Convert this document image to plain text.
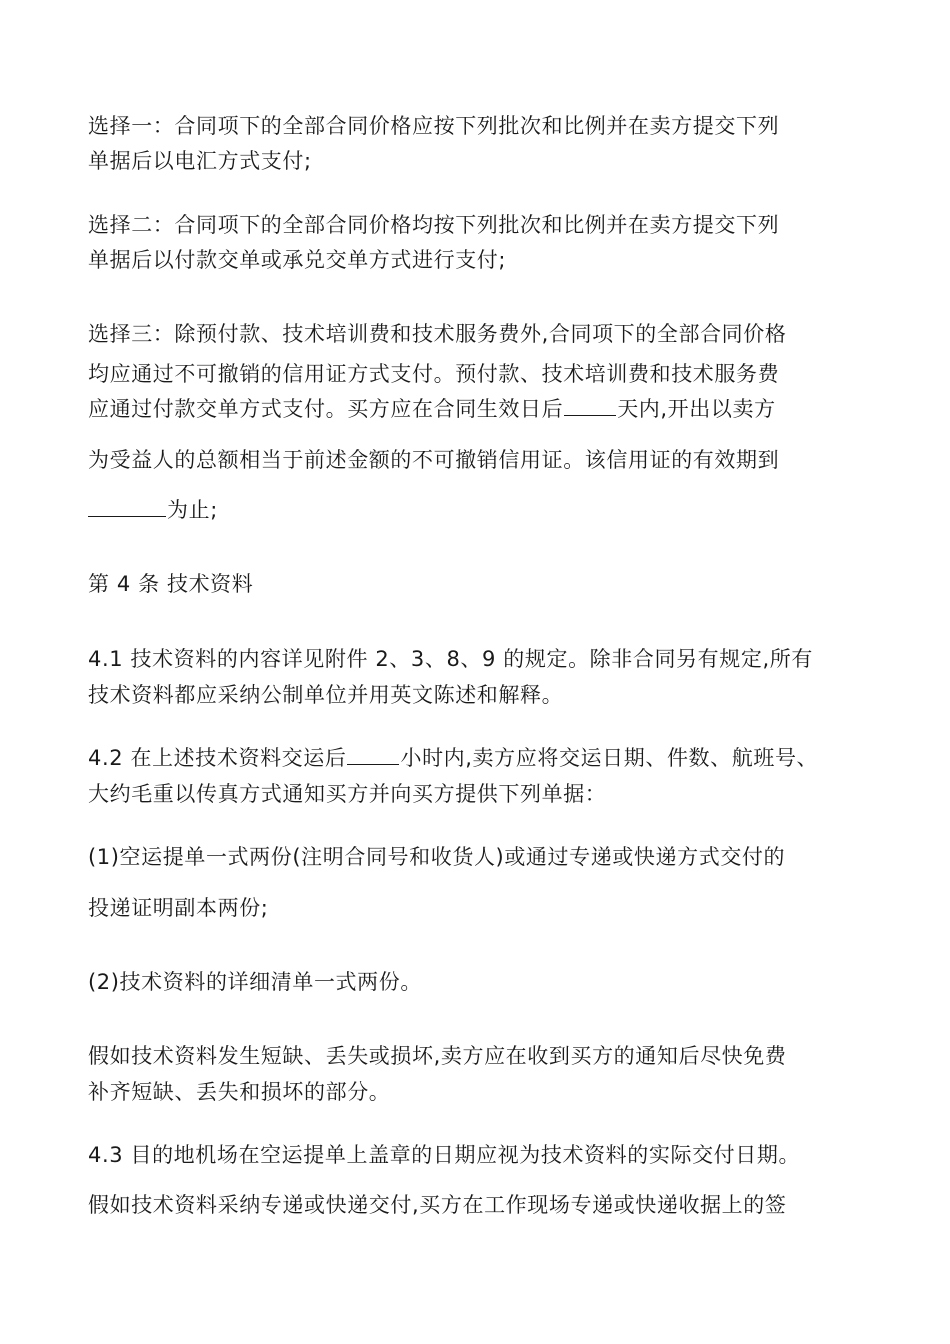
选择一：合同项下的全部合同价格应按下列批次和比例并在卖方提交下列
单据后以电汇方式支付;
选择二：合同项下的全部合同价格均按下列批次和比例并在卖方提交下列
单据后以付款交单或承兑交单方式进行支付;
选择三：除预付款、技术培训费和技术服务费外,合同项下的全部合同价格
均应通过不可撤销的信用证方式支付。预付款、技术培训费和技术服务费
应通过付款交单方式支付。买方应在合同生效日后	天内,开出以卖方
为受益人的总额相当于前述金额的不可撤销信用证。该信用证的有效期到
为止;
第 4 条 技术资料
4.1 技术资料的内容详见附件 2、3、8、9 的规定。除非合同另有规定,所有
技术资料都应采纳公制单位并用英文陈述和解释。
4.2 在上述技术资料交运后	小时内,卖方应将交运日期、件数、航班号、
大约毛重以传真方式通知买方并向买方提供下列单据：
(1)空运提单一式两份(注明合同号和收货人)或通过专递或快递方式交付的
投递证明副本两份;
(2)技术资料的详细清单一式两份。
假如技术资料发生短缺、丢失或损坏,卖方应在收到买方的通知后尽快免费
补齐短缺、丢失和损坏的部分。
4.3 目的地机场在空运提单上盖章的日期应视为技术资料的实际交付日期。
假如技术资料采纳专递或快递交付,买方在工作现场专递或快递收据上的签
